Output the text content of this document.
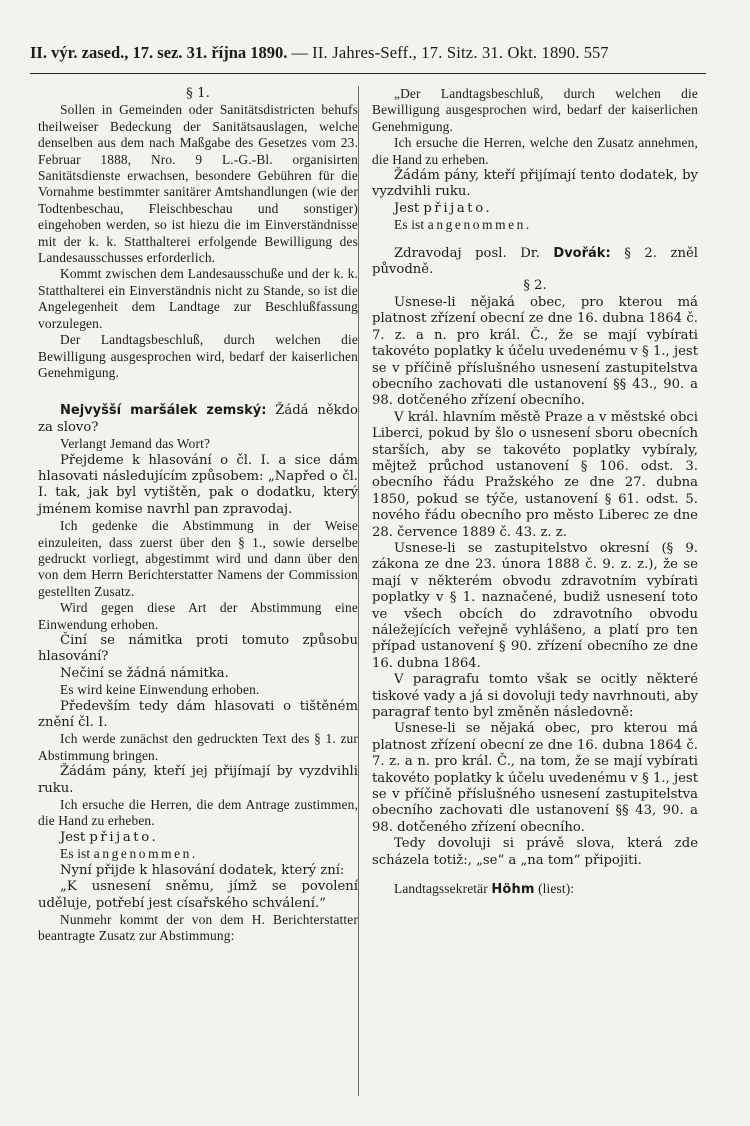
II. výr. zased., 17. sez. 31. října 1890. — II. Jahres-Seff., 17. Sitz. 31. Okt. 1890. 557

§ 1.

Sollen in Gemeinden oder Sanitätsdistricten behufs theilweiser Bedeckung der Sanitätsauslagen, welche denselben aus dem nach Maßgabe des Gesetzes vom 23. Februar 1888, Nro. 9 L.-G.-Bl. organisirten Sanitätsdienste erwachsen, besondere Gebühren für die Vornahme bestimmter sanitärer Amtshandlungen (wie der Todtenbeschau, Fleischbeschau und sonstiger) eingehoben werden, so ist hiezu die im Einverständnisse mit der k. k. Statthalterei erfolgende Bewilligung des Landesausschusses erforderlich.

Kommt zwischen dem Landesausschuße und der k. k. Statthalterei ein Einverständnis nicht zu Stande, so ist die Angelegenheit dem Landtage zur Beschlußfassung vorzulegen.

Der Landtagsbeschluß, durch welchen die Bewilligung ausgesprochen wird, bedarf der kaiserlichen Genehmigung.

Nejvyšší maršálek zemský: Žádá někdo za slovo?

Verlangt Jemand das Wort?

Přejdeme k hlasování o čl. I. a sice dám hlasovati následujícím způsobem: „Napřed o čl. I. tak, jak byl vytištěn, pak o dodatku, který jménem komise navrhl pan zpravodaj.

Ich gedenke die Abstimmung in der Weise einzuleiten, dass zuerst über den § 1., sowie derselbe gedruckt vorliegt, abgestimmt wird und dann über den von dem Herrn Berichterstatter Namens der Commission gestellten Zusatz.

Wird gegen diese Art der Abstimmung eine Einwendung erhoben.

Činí se námitka proti tomuto způsobu hlasování?

Nečiní se žádná námitka.

Es wird keine Einwendung erhoben.

Především tedy dám hlasovati o tištěném znění čl. I.

Ich werde zunächst den gedruckten Text des § 1. zur Abstimmung bringen.

Žádám pány, kteří jej přijímají by vyzdvihli ruku.

Ich ersuche die Herren, die dem Antrage zustimmen, die Hand zu erheben.

Jest přijato.

Es ist angenommen.

Nyní přijde k hlasování dodatek, který zní:

„K usnesení sněmu, jímž se povolení uděluje, potřebí jest císařského schválení.“

Nunmehr kommt der von dem H. Berichterstatter beantragte Zusatz zur Abstimmung:

„Der Landtagsbeschluß, durch welchen die Bewilligung ausgesprochen wird, bedarf der kaiserlichen Genehmigung.

Ich ersuche die Herren, welche den Zusatz annehmen, die Hand zu erheben.

Žádám pány, kteří přijímají tento dodatek, by vyzdvihli ruku.

Jest přijato.

Es ist angenommen.

Zdravodaj posl. Dr. Dvořák: § 2. zněl původně.

§ 2.

Usnese-li nějaká obec, pro kterou má platnost zřízení obecní ze dne 16. dubna 1864 č. 7. z. a n. pro král. Č., že se mají vybírati takovéto poplatky k účelu uvedenému v § 1., jest se v příčině příslušného usnesení zastupitelstva obecního zachovati dle ustanovení §§ 43., 90. a 98. dotčeného zřízení obecního.

V král. hlavním městě Praze a v městské obci Liberci, pokud by šlo o usnesení sboru obecních starších, aby se takovéto poplatky vybíraly, mějtež průchod ustanovení § 106. odst. 3. obecního řádu Pražského ze dne 27. dubna 1850, pokud se týče, ustanovení § 61. odst. 5. nového řádu obecního pro město Liberec ze dne 28. července 1889 č. 43. z. z.

Usnese-li se zastupitelstvo okresní (§ 9. zákona ze dne 23. února 1888 č. 9. z. z.), že se mají v některém obvodu zdravotním vybírati poplatky v § 1. naznačené, budiž usnesení toto ve všech obcích do zdravotního obvodu náležejících veřejně vyhlášeno, a platí pro ten případ ustanovení § 90. zřízení obecního ze dne 16. dubna 1864.

V paragrafu tomto však se ocitly některé tiskové vady a já si dovoluji tedy navrhnouti, aby paragraf tento byl změněn následovně:

Usnese-li se nějaká obec, pro kterou má platnost zřízení obecní ze dne 16. dubna 1864 č. 7. z. a n. pro král. Č., na tom, že se mají vybírati takovéto poplatky k účelu uvedenému v § 1., jest se v příčině příslušného usnesení zastupitelstva obecního zachovati dle ustanovení §§ 43, 90. a 98. dotčeného zřízení obecního.

Tedy dovoluji si právě slova, která zde scházela totiž:, „se“ a „na tom“ připojiti.

Landtagssekretär Höhm (liest):
